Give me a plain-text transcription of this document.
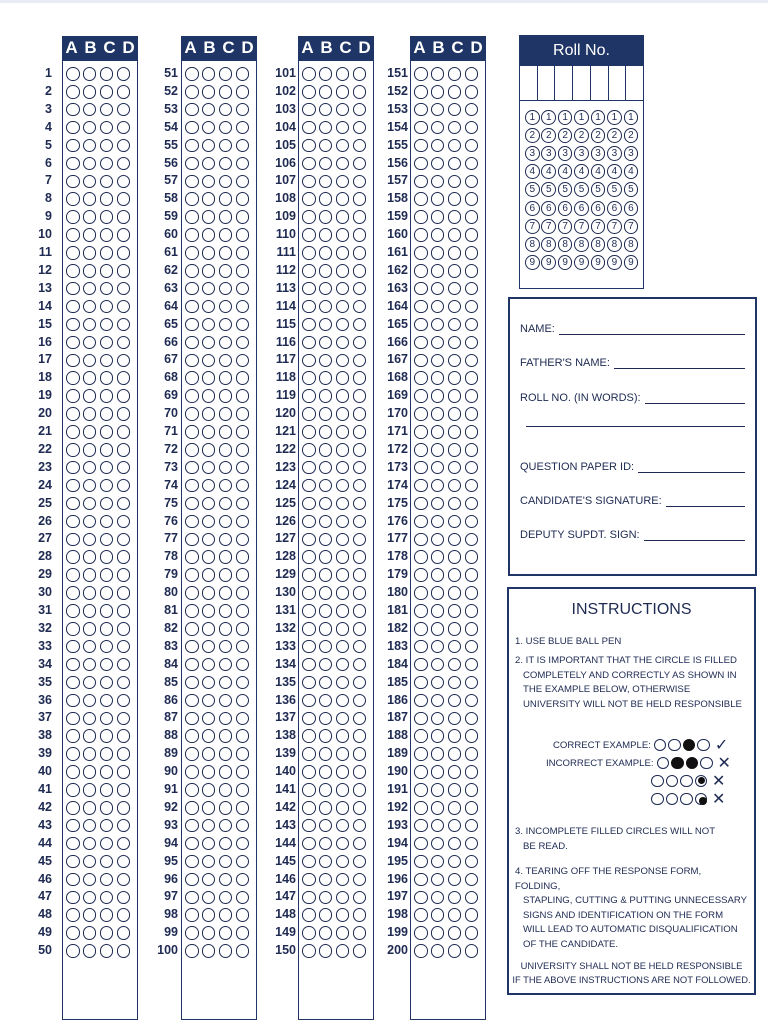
A B C D
1
2
3
4
5
6
7
8
9
10
11
12
13
14
15
16
17
18
19
20
21
22
23
24
25
26
27
28
29
30
31
32
33
34
35
36
37
38
39
40
41
42
43
44
45
46
47
48
49
50
A B C D
51
52
53
54
55
56
57
58
59
60
61
62
63
64
65
66
67
68
69
70
71
72
73
74
75
76
77
78
79
80
81
82
83
84
85
86
87
88
89
90
91
92
93
94
95
96
97
98
99
100
A B C D
101
102
103
104
105
106
107
108
109
110
111
112
113
114
115
116
117
118
119
120
121
122
123
124
125
126
127
128
129
130
131
132
133
134
135
136
137
138
139
140
141
142
143
144
145
146
147
148
149
150
A B C D
151
152
153
154
155
156
157
158
159
160
161
162
163
164
165
166
167
168
169
170
171
172
173
174
175
176
177
178
179
180
181
182
183
184
185
186
187
188
189
190
191
192
193
194
195
196
197
198
199
200
Roll No.
1	1	1	1	1	1	1
2	2	2	2	2	2	2
3	3	3	3	3	3	3
4	4	4	4	4	4	4
5	5	5	5	5	5	5
6	6	6	6	6	6	6
7	7	7	7	7	7	7
8	8	8	8	8	8	8
9	9	9	9	9	9	9
NAME:
FATHER'S NAME:
ROLL NO. (IN WORDS):
QUESTION PAPER ID:
CANDIDATE'S SIGNATURE:
DEPUTY SUPDT. SIGN:
INSTRUCTIONS
1. USE BLUE BALL PEN
2. IT IS IMPORTANT THAT THE CIRCLE IS FILLED
COMPLETELY AND CORRECTLY AS SHOWN IN
THE EXAMPLE BELOW, OTHERWISE
UNIVERSITY WILL NOT BE HELD RESPONSIBLE
CORRECT EXAMPLE:	✓
INCORRECT EXAMPLE:	✕
✕
✕
3. INCOMPLETE FILLED CIRCLES WILL NOT
BE READ.
4. TEARING OFF THE RESPONSE FORM, FOLDING,
STAPLING, CUTTING & PUTTING UNNECESSARY
SIGNS AND IDENTIFICATION ON THE FORM
WILL LEAD TO AUTOMATIC DISQUALIFICATION
OF THE CANDIDATE.
UNIVERSITY SHALL NOT BE HELD RESPONSIBLE
IF THE ABOVE INSTRUCTIONS ARE NOT FOLLOWED.
